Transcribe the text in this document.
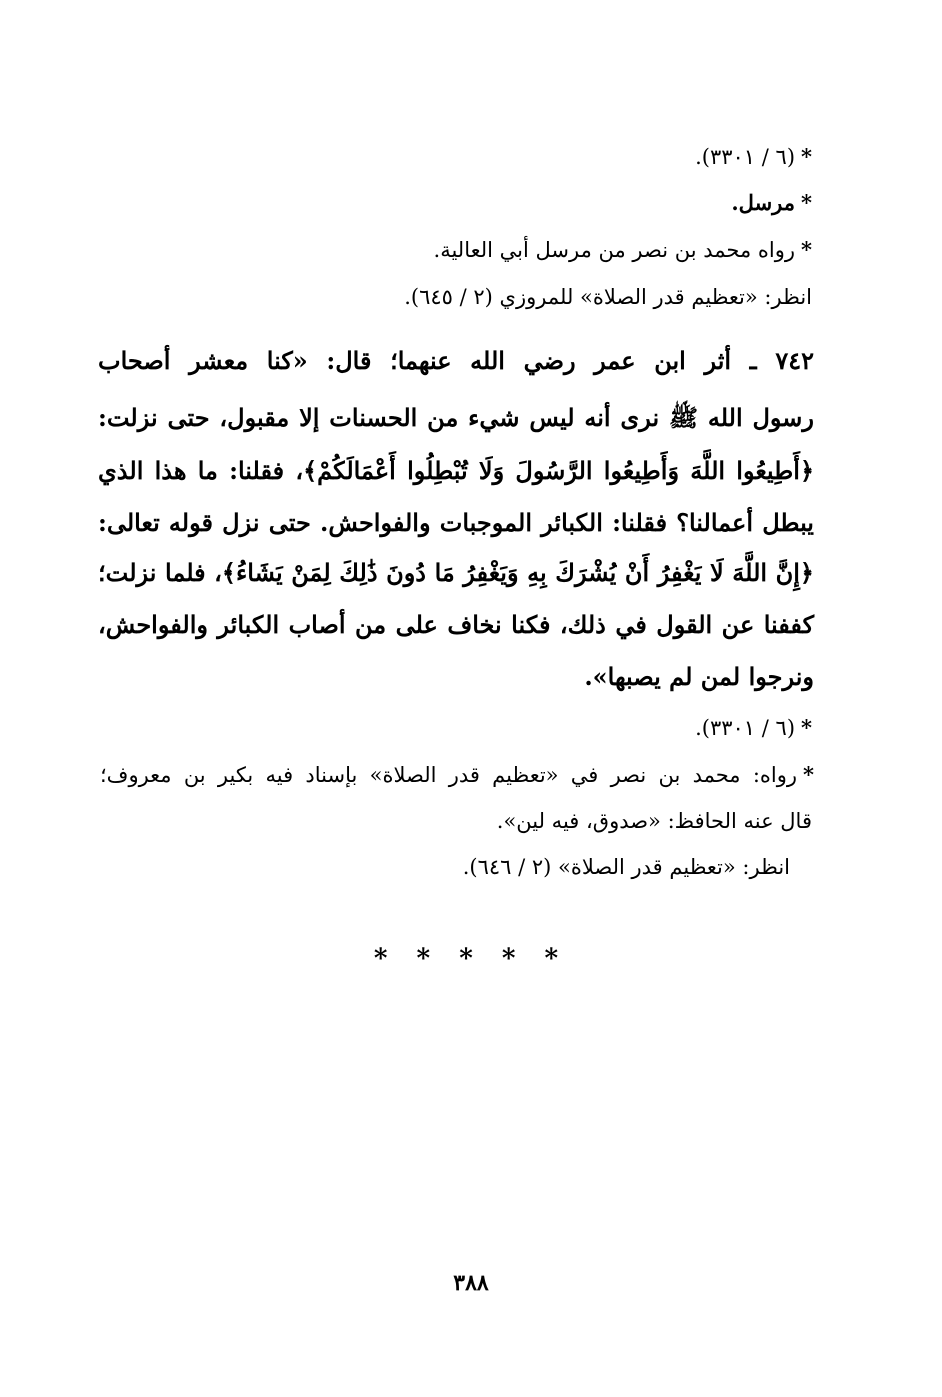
*(٦ / ٣٣٠١).
*مرسل.
*رواه محمد بن نصر من مرسل أبي العالية.
انظر: «تعظيم قدر الصلاة» للمروزي (٢ / ٦٤٥).
٧٤٢ ـ أثر ابن عمر رضي الله عنهما؛ قال: «كنا معشر أصحاب
رسول الله ﷺ نرى أنه ليس شيء من الحسنات إلا مقبول، حتى نزلت:
﴿أَطِيعُوا اللَّهَ وَأَطِيعُوا الرَّسُولَ وَلَا تُبْطِلُوا أَعْمَالَكُمْ﴾، فقلنا: ما هذا الذي
يبطل أعمالنا؟ فقلنا: الكبائر الموجبات والفواحش. حتى نزل قوله تعالى:
﴿إِنَّ اللَّهَ لَا يَغْفِرُ أَنْ يُشْرَكَ بِهِ وَيَغْفِرُ مَا دُونَ ذَٰلِكَ لِمَنْ يَشَاءُ﴾، فلما نزلت؛
كففنا عن القول في ذلك، فكنا نخاف على من أصاب الكبائر والفواحش،
ونرجوا لمن لم يصبها».
*(٦ / ٣٣٠١).
*رواه: محمد بن نصر في «تعظيم قدر الصلاة» بإسناد فيه بكير بن معروف؛
قال عنه الحافظ: «صدوق، فيه لين».
انظر: «تعظيم قدر الصلاة» (٢ / ٦٤٦).
* * * * *
٣٨٨
